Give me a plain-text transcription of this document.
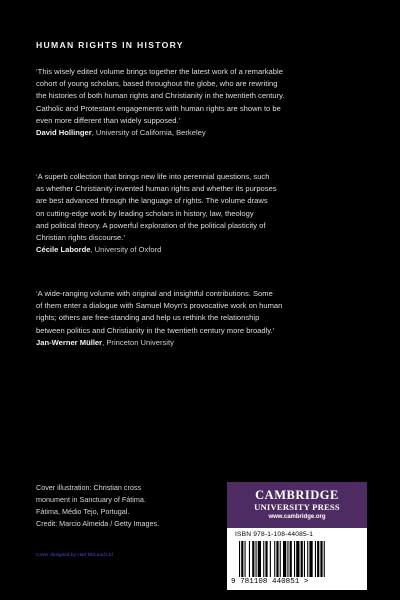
HUMAN RIGHTS IN HISTORY
‘This wisely edited volume brings together the latest work of a remarkable
cohort of young scholars, based throughout the globe, who are rewriting
the histories of both human rights and Christianity in the twentieth century.
Catholic and Protestant engagements with human rights are shown to be
even more different than widely supposed.’
David Hollinger, University of California, Berkeley
‘A superb collection that brings new life into perennial questions, such
as whether Christianity invented human rights and whether its purposes
are best advanced through the language of rights. The volume draws
on cutting-edge work by leading scholars in history, law, theology
and political theory. A powerful exploration of the political plasticity of
Christian rights discourse.’
Cécile Laborde, University of Oxford
‘A wide-ranging volume with original and insightful contributions. Some
of them enter a dialogue with Samuel Moyn’s provocative work on human
rights; others are free-standing and help us rethink the relationship
between politics and Christianity in the twentieth century more broadly.’
Jan-Werner Müller, Princeton University
Cover illustration: Christian cross
monument in Sanctuary of Fátima.
Fátima, Médio Tejo, Portugal.
Credit: Marcio Almeida / Getty Images.
Cover designed by Hart McLeod Ltd
CAMBRIDGE
UNIVERSITY PRESS
www.cambridge.org
ISBN 978-1-108-44085-1
9 781108 440851 >
